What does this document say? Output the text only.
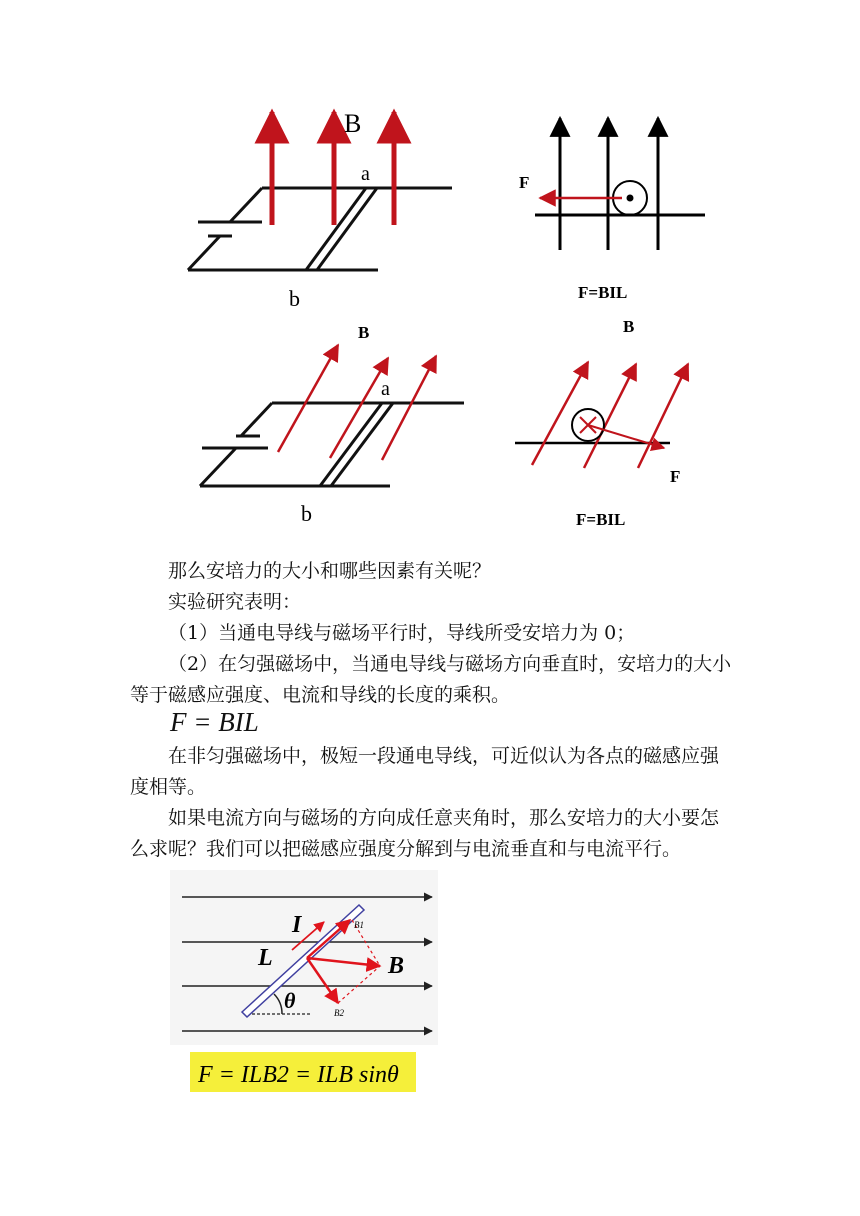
B
a
b
F
F=BIL
B
a
b
B
F
F=BIL
那么安培力的大小和哪些因素有关呢？
实验研究表明：
（1）当通电导线与磁场平行时，导线所受安培力为 0；
（2）在匀强磁场中，当通电导线与磁场方向垂直时，安培力的大小等于磁感应强度、电流和导线的长度的乘积。
F = BIL
在非匀强磁场中，极短一段通电导线，可近似认为各点的磁感应强度相等。
如果电流方向与磁场的方向成任意夹角时，那么安培力的大小要怎么求呢？我们可以把磁感应强度分解到与电流垂直和与电流平行。
I
L	B
θ
B1
B2
F = ILB2 = ILB sinθ
